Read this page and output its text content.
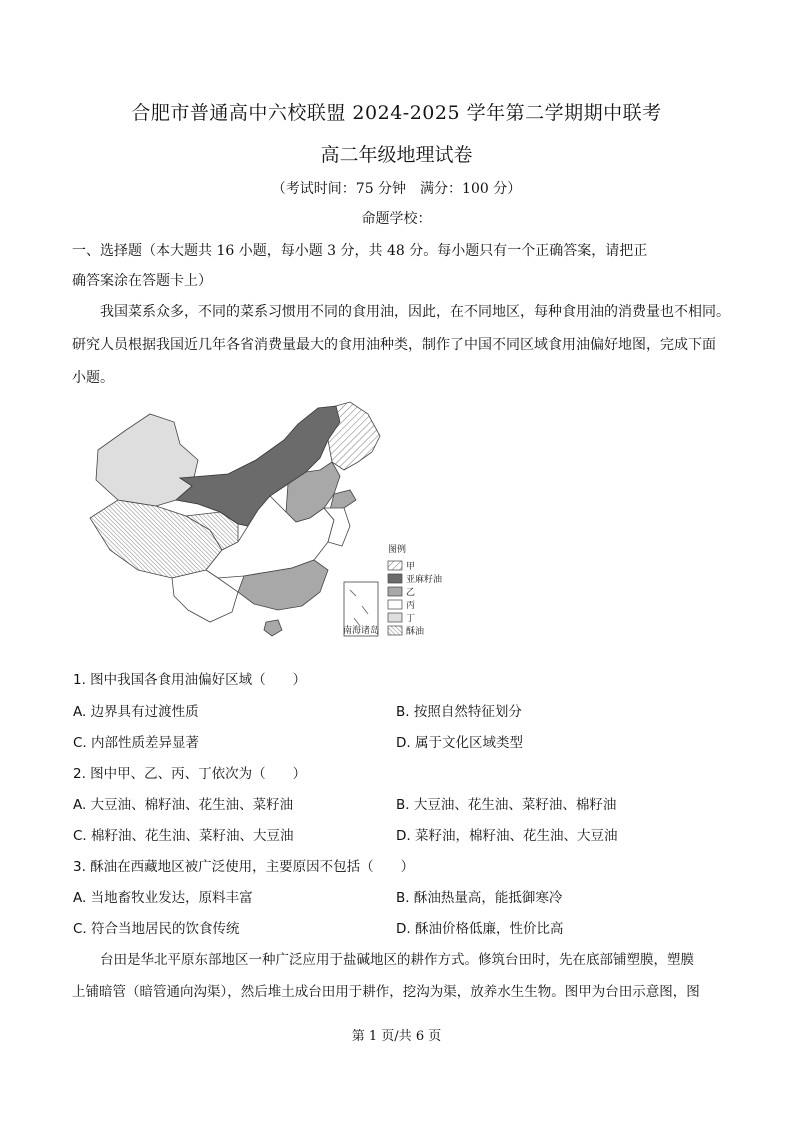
合肥市普通高中六校联盟 2024-2025 学年第二学期期中联考
高二年级地理试卷
（考试时间：75 分钟　满分：100 分）
命题学校：
一、选择题（本大题共 16 小题，每小题 3 分，共 48 分。每小题只有一个正确答案，请把正
确答案涂在答题卡上）
我国菜系众多，不同的菜系习惯用不同的食用油，因此，在不同地区，每种食用油的消费量也不相同。
研究人员根据我国近几年各省消费量最大的食用油种类，制作了中国不同区域食用油偏好地图，完成下面
小题。
南海诸岛
图例
甲
亚麻籽油
乙
丙
丁
酥油
1. 图中我国各食用油偏好区域（　　）
A. 边界具有过渡性质	B. 按照自然特征划分
C. 内部性质差异显著	D. 属于文化区域类型
2. 图中甲、乙、丙、丁依次为（　　）
A. 大豆油、棉籽油、花生油、菜籽油	B. 大豆油、花生油、菜籽油、棉籽油
C. 棉籽油、花生油、菜籽油、大豆油	D. 菜籽油，棉籽油、花生油、大豆油
3. 酥油在西藏地区被广泛使用，主要原因不包括（　　）
A. 当地畜牧业发达，原料丰富	B. 酥油热量高，能抵御寒冷
C. 符合当地居民的饮食传统	D. 酥油价格低廉，性价比高
台田是华北平原东部地区一种广泛应用于盐碱地区的耕作方式。修筑台田时，先在底部铺塑膜，塑膜
上铺暗管（暗管通向沟渠），然后堆土成台田用于耕作，挖沟为渠，放养水生生物。图甲为台田示意图，图
第 1 页/共 6 页
